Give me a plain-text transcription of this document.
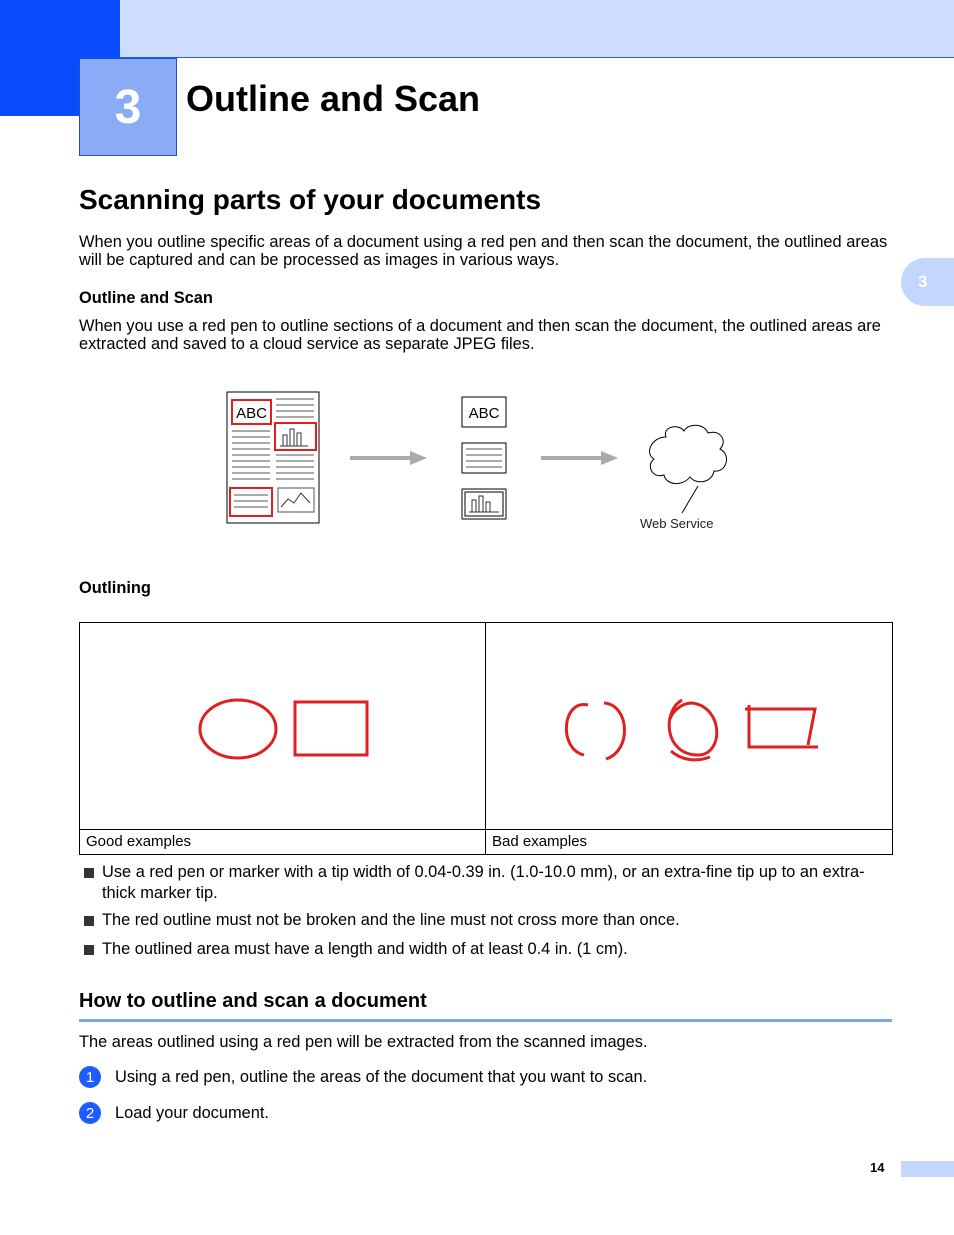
3 Outline and Scan
3
Scanning parts of your documents
When you outline specific areas of a document using a red pen and then scan the document, the outlined areas will be captured and can be processed as images in various ways.
Outline and Scan
When you use a red pen to outline sections of a document and then scan the document, the outlined areas are extracted and saved to a cloud service as separate JPEG files.
ABC	ABC
Web Service
Outlining
Good examples	Bad examples
Use a red pen or marker with a tip width of 0.04-0.39 in. (1.0-10.0 mm), or an extra-fine tip up to an extra-thick marker tip.
The red outline must not be broken and the line must not cross more than once.
The outlined area must have a length and width of at least 0.4 in. (1 cm).
How to outline and scan a document
The areas outlined using a red pen will be extracted from the scanned images.
1	Using a red pen, outline the areas of the document that you want to scan.
2	Load your document.
14
